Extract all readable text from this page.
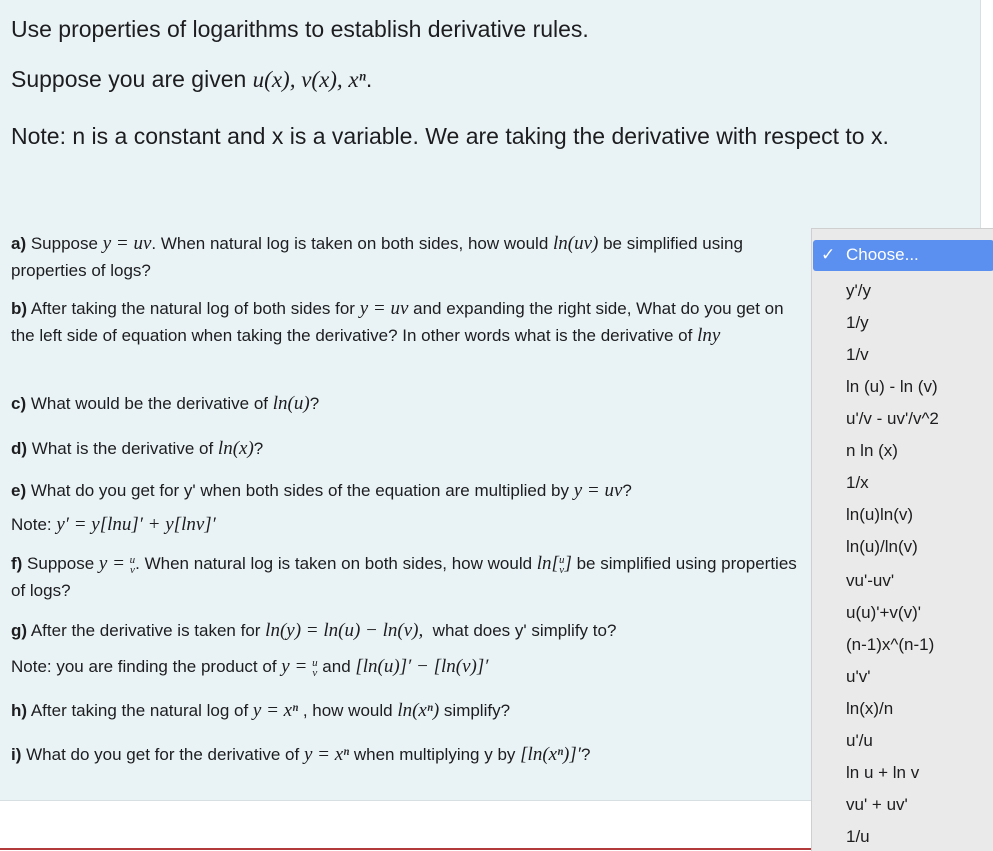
Use properties of logarithms to establish derivative rules.
Suppose you are given u(x), v(x), xⁿ.
Note: n is a constant and x is a variable. We are taking the derivative with respect to x.
a) Suppose y = uv. When natural log is taken on both sides, how would ln(uv) be simplified using properties of logs?
b) After taking the natural log of both sides for y = uv and expanding the right side, What do you get on the left side of equation when taking the derivative? In other words what is the derivative of lny
c) What would be the derivative of ln(u)?
d) What is the derivative of ln(x)?
e) What do you get for y' when both sides of the equation are multiplied by y = uv?
Note: y′ = y[lnu]′ + y[lnv]′
f) Suppose y = u
v. When natural log is taken on both sides, how would ln[u
v] be simplified using properties of logs?
g) After the derivative is taken for ln(y) = ln(u) − ln(v),  what does y' simplify to?
Note: you are finding the product of y = u
v and [ln(u)]′ − [ln(v)]′
h) After taking the natural log of y = xⁿ , how would ln(xⁿ) simplify?
i) What do you get for the derivative of y = xⁿ when multiplying y by [ln(xⁿ)]′?
✓ Choose...
y'/y
1/y
1/v
ln (u) - ln (v)
u'/v - uv'/v^2
n ln (x)
1/x
ln(u)ln(v)
ln(u)/ln(v)
vu'-uv'
u(u)'+v(v)'
(n-1)x^(n-1)
u'v'
ln(x)/n
u'/u
ln u + ln v
vu' + uv'
1/u
